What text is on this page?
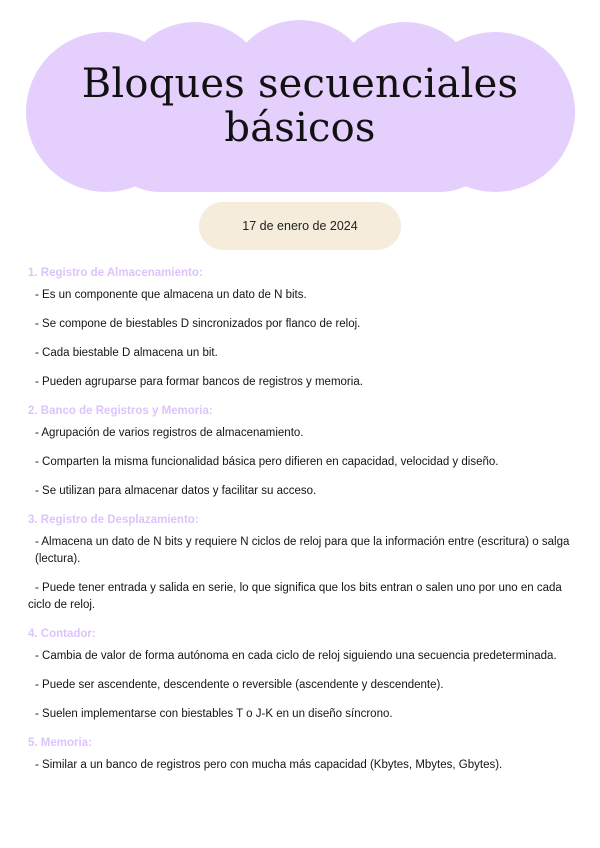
Bloques secuenciales básicos
17 de enero de 2024
1. Registro de Almacenamiento:

- Es un componente que almacena un dato de N bits.

- Se compone de biestables D sincronizados por flanco de reloj.

- Cada biestable D almacena un bit.

- Pueden agruparse para formar bancos de registros y memoria.

2. Banco de Registros y Memoria:

- Agrupación de varios registros de almacenamiento.

- Comparten la misma funcionalidad básica pero difieren en capacidad, velocidad y diseño.

- Se utilizan para almacenar datos y facilitar su acceso.

3. Registro de Desplazamiento:

- Almacena un dato de N bits y requiere N ciclos de reloj para que la información entre (escritura) o salga (lectura).

- Puede tener entrada y salida en serie, lo que significa que los bits entran o salen uno por uno en cada ciclo de reloj.

4. Contador:

- Cambia de valor de forma autónoma en cada ciclo de reloj siguiendo una secuencia predeterminada.

- Puede ser ascendente, descendente o reversible (ascendente y descendente).

- Suelen implementarse con biestables T o J-K en un diseño síncrono.

5. Memoria:

- Similar a un banco de registros pero con mucha más capacidad (Kbytes, Mbytes, Gbytes).
